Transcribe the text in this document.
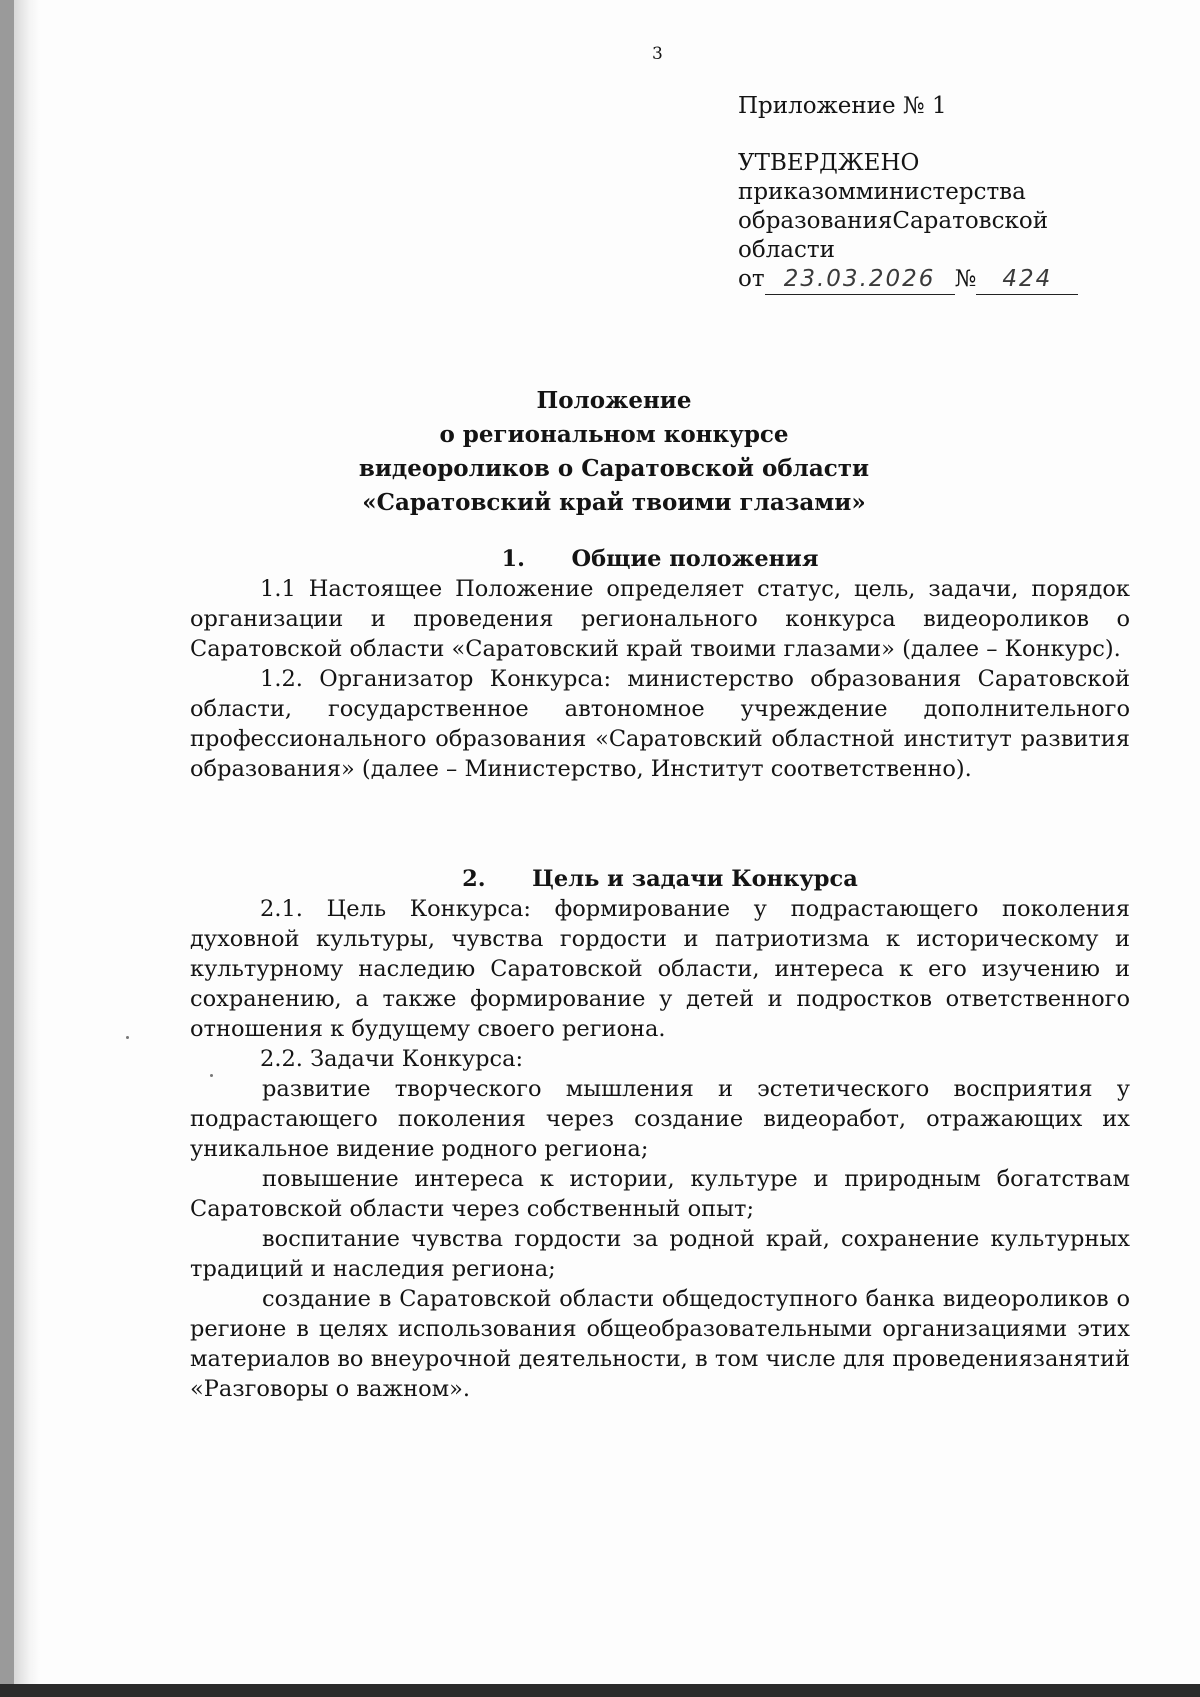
3
Приложение № 1
УТВЕРДЖЕНО
приказомминистерства
образованияСаратовской
области
от 23.03.2026 № 424
Положение
о региональном конкурсе
видеороликов о Саратовской области
«Саратовский край твоими глазами»
1. Общие положения

1.1 Настоящее Положение определяет статус, цель, задачи, порядок организации и проведения регионального конкурса видеороликов о Саратовской области «Саратовский край твоими глазами» (далее – Конкурс).

1.2. Организатор Конкурса: министерство образования Саратовской области, государственное автономное учреждение дополнительного профессионального образования «Саратовский областной институт развития образования» (далее – Министерство, Институт соответственно).

2. Цель и задачи Конкурса

2.1. Цель Конкурса: формирование у подрастающего поколения духовной культуры, чувства гордости и патриотизма к историческому и культурному наследию Саратовской области, интереса к его изучению и сохранению, а также формирование у детей и подростков ответственного отношения к будущему своего региона.

2.2. Задачи Конкурса:

развитие творческого мышления и эстетического восприятия у подрастающего поколения через создание видеоработ, отражающих их уникальное видение родного региона;

повышение интереса к истории, культуре и природным богатствам Саратовской области через собственный опыт;

воспитание чувства гордости за родной край, сохранение культурных традиций и наследия региона;

создание в Саратовской области общедоступного банка видеороликов о регионе в целях использования общеобразовательными организациями этих материалов во внеурочной деятельности, в том числе для проведениязанятий «Разговоры о важном».
